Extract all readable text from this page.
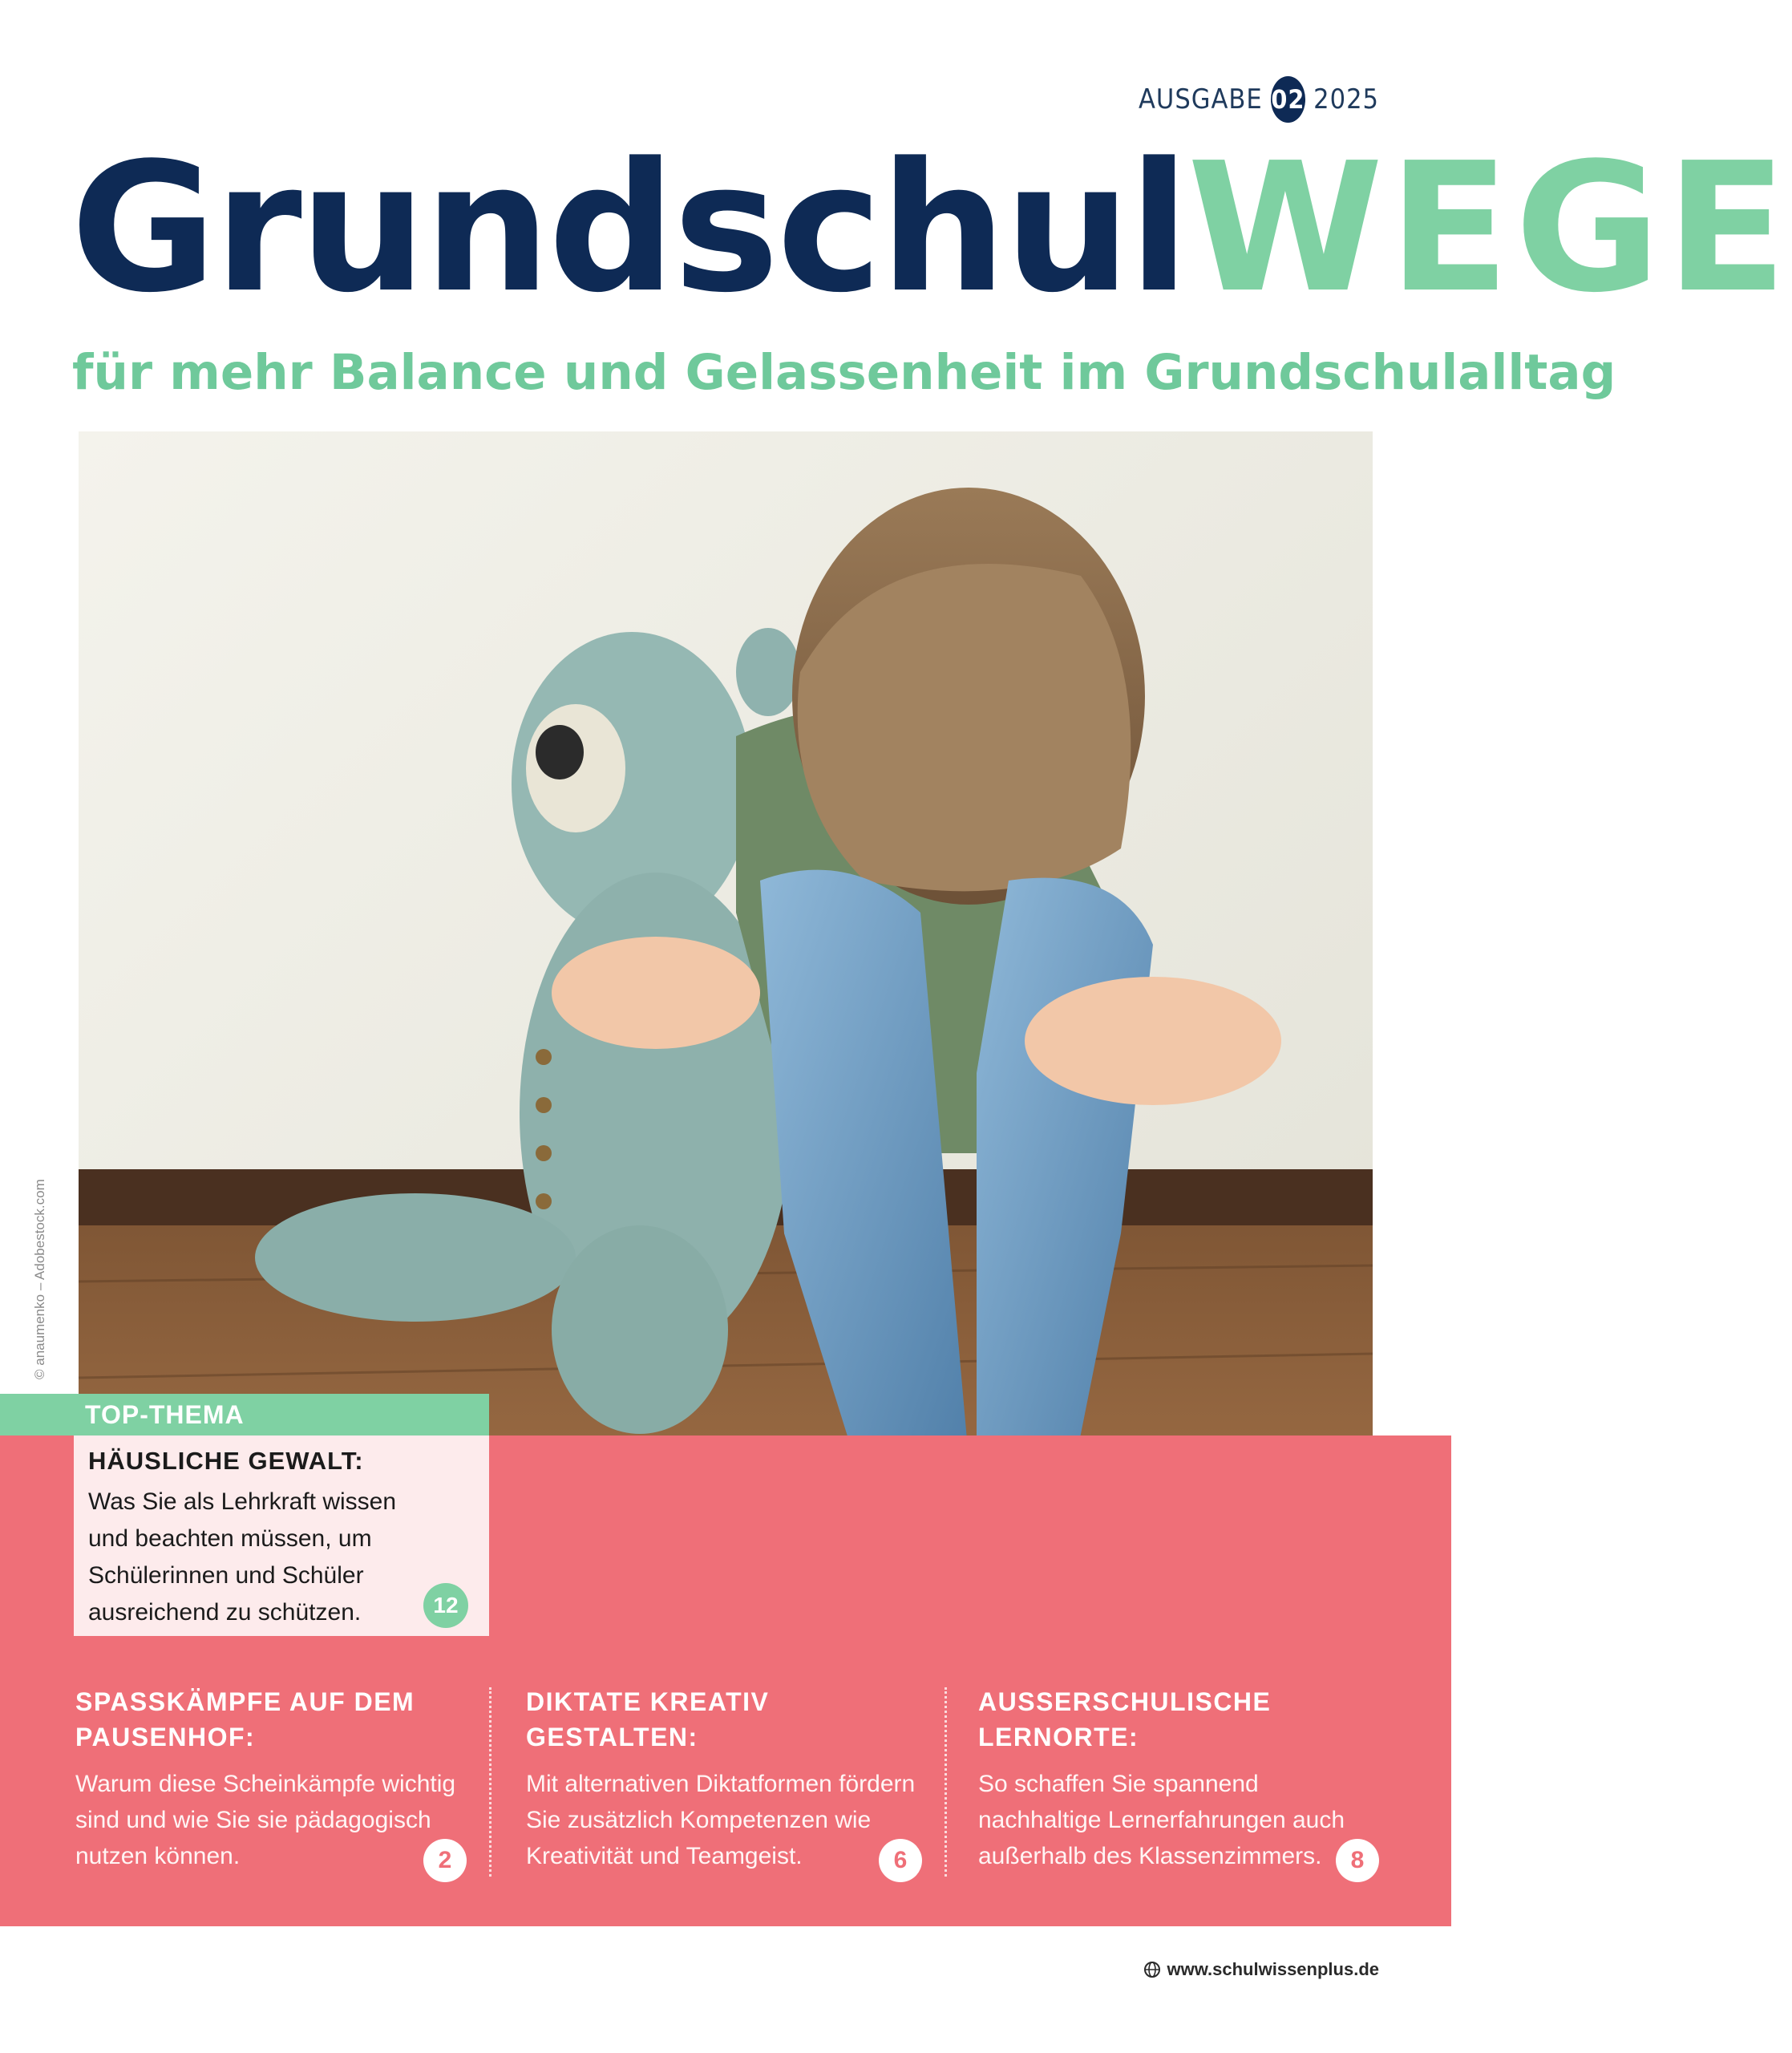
AUSGABE 02 2025
GrundschulWEGE
für mehr Balance und Gelassenheit im Grundschulalltag
© anaumenko – Adobestock.com
TOP-THEMA
HÄUSLICHE GEWALT:
Was Sie als Lehrkraft wissen und beachten müssen, um Schülerinnen und Schüler ausreichend zu schützen.	12
SPASSKÄMPFE AUF DEM PAUSENHOF:
Warum diese Scheinkämpfe wichtig sind und wie Sie sie pädagogisch nutzen können.	2
DIKTATE KREATIV GESTALTEN:
Mit alternativen Diktatformen fördern Sie zusätzlich Kompetenzen wie Kreativität und Teamgeist.	6
AUSSERSCHULISCHE LERNORTE:
So schaffen Sie spannend nachhaltige Lernerfahrungen auch außerhalb des Klassenzimmers.	8
www.schulwissenplus.de
